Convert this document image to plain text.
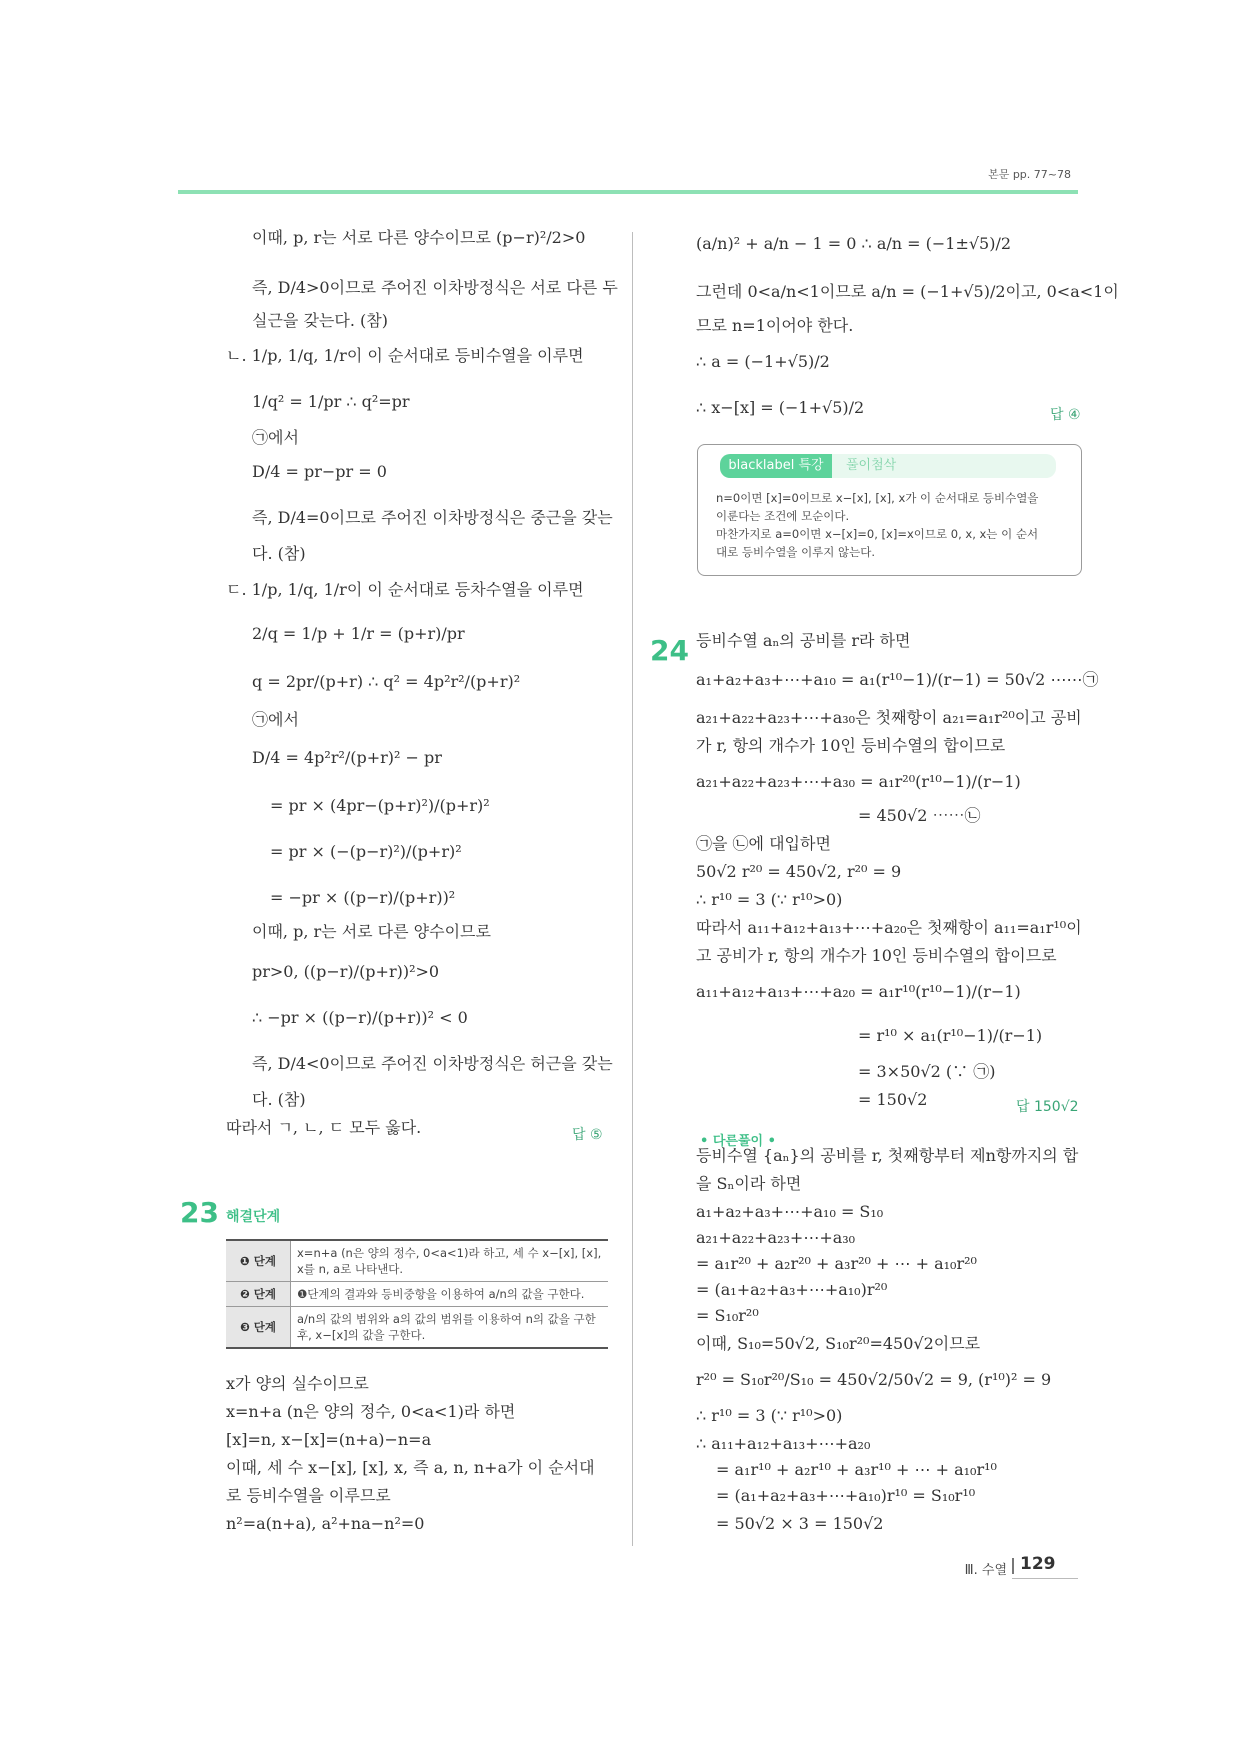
본문 pp. 77~78
이때, p, r는 서로 다른 양수이므로 (p−r)²/2>0
즉, D/4>0이므로 주어진 이차방정식은 서로 다른 두
실근을 갖는다. (참)
ㄴ. 1/p, 1/q, 1/r이 이 순서대로 등비수열을 이루면
1/q² = 1/pr ∴ q²=pr
㉠에서
D/4 = pr−pr = 0
즉, D/4=0이므로 주어진 이차방정식은 중근을 갖는
다. (참)
ㄷ. 1/p, 1/q, 1/r이 이 순서대로 등차수열을 이루면
2/q = 1/p + 1/r = (p+r)/pr
q = 2pr/(p+r) ∴ q² = 4p²r²/(p+r)²
㉠에서
D/4 = 4p²r²/(p+r)² − pr
= pr × (4pr−(p+r)²)/(p+r)²
= pr × (−(p−r)²)/(p+r)²
= −pr × ((p−r)/(p+r))²
이때, p, r는 서로 다른 양수이므로
pr>0, ((p−r)/(p+r))²>0
∴ −pr × ((p−r)/(p+r))² < 0
즉, D/4<0이므로 주어진 이차방정식은 허근을 갖는
다. (참)
따라서 ㄱ, ㄴ, ㄷ 모두 옳다.	답 ⑤
23 해결단계
❶ 단계	x=n+a (n은 양의 정수, 0<a<1)라 하고, 세 수 x−[x], [x], x를 n, a로 나타낸다.
❷ 단계	❶단계의 결과와 등비중항을 이용하여 a/n의 값을 구한다.
❸ 단계	a/n의 값의 범위와 a의 값의 범위를 이용하여 n의 값을 구한 후, x−[x]의 값을 구한다.
x가 양의 실수이므로
x=n+a (n은 양의 정수, 0<a<1)라 하면
[x]=n, x−[x]=(n+a)−n=a
이때, 세 수 x−[x], [x], x, 즉 a, n, n+a가 이 순서대
로 등비수열을 이루므로
n²=a(n+a), a²+na−n²=0
(a/n)² + a/n − 1 = 0 ∴ a/n = (−1±√5)/2
그런데 0<a/n<1이므로 a/n = (−1+√5)/2이고, 0<a<1이
므로 n=1이어야 한다.
∴ a = (−1+√5)/2
∴ x−[x] = (−1+√5)/2	답 ④
blacklabel 특강	풀이첨삭
n=0이면 [x]=0이므로 x−[x], [x], x가 이 순서대로 등비수열을
이룬다는 조건에 모순이다.
마찬가지로 a=0이면 x−[x]=0, [x]=x이므로 0, x, x는 이 순서
대로 등비수열을 이루지 않는다.
24 등비수열 aₙ의 공비를 r라 하면
a₁+a₂+a₃+⋯+a₁₀ = a₁(r¹⁰−1)/(r−1) = 50√2 ⋯⋯㉠
a₂₁+a₂₂+a₂₃+⋯+a₃₀은 첫째항이 a₂₁=a₁r²⁰이고 공비
가 r, 항의 개수가 10인 등비수열의 합이므로
a₂₁+a₂₂+a₂₃+⋯+a₃₀ = a₁r²⁰(r¹⁰−1)/(r−1)
= 450√2 ⋯⋯㉡
㉠을 ㉡에 대입하면
50√2 r²⁰ = 450√2, r²⁰ = 9
∴ r¹⁰ = 3 (∵ r¹⁰>0)
따라서 a₁₁+a₁₂+a₁₃+⋯+a₂₀은 첫째항이 a₁₁=a₁r¹⁰이
고 공비가 r, 항의 개수가 10인 등비수열의 합이므로
a₁₁+a₁₂+a₁₃+⋯+a₂₀ = a₁r¹⁰(r¹⁰−1)/(r−1)
= r¹⁰ × a₁(r¹⁰−1)/(r−1)
= 3×50√2 (∵ ㉠)
= 150√2	답 150√2
• 다른풀이 •
등비수열 {aₙ}의 공비를 r, 첫째항부터 제n항까지의 합
을 Sₙ이라 하면
a₁+a₂+a₃+⋯+a₁₀ = S₁₀
a₂₁+a₂₂+a₂₃+⋯+a₃₀
= a₁r²⁰ + a₂r²⁰ + a₃r²⁰ + ⋯ + a₁₀r²⁰
= (a₁+a₂+a₃+⋯+a₁₀)r²⁰
= S₁₀r²⁰
이때, S₁₀=50√2, S₁₀r²⁰=450√2이므로
r²⁰ = S₁₀r²⁰/S₁₀ = 450√2/50√2 = 9, (r¹⁰)² = 9
∴ r¹⁰ = 3 (∵ r¹⁰>0)
∴ a₁₁+a₁₂+a₁₃+⋯+a₂₀
= a₁r¹⁰ + a₂r¹⁰ + a₃r¹⁰ + ⋯ + a₁₀r¹⁰
= (a₁+a₂+a₃+⋯+a₁₀)r¹⁰ = S₁₀r¹⁰
= 50√2 × 3 = 150√2
Ⅲ. 수열 129
